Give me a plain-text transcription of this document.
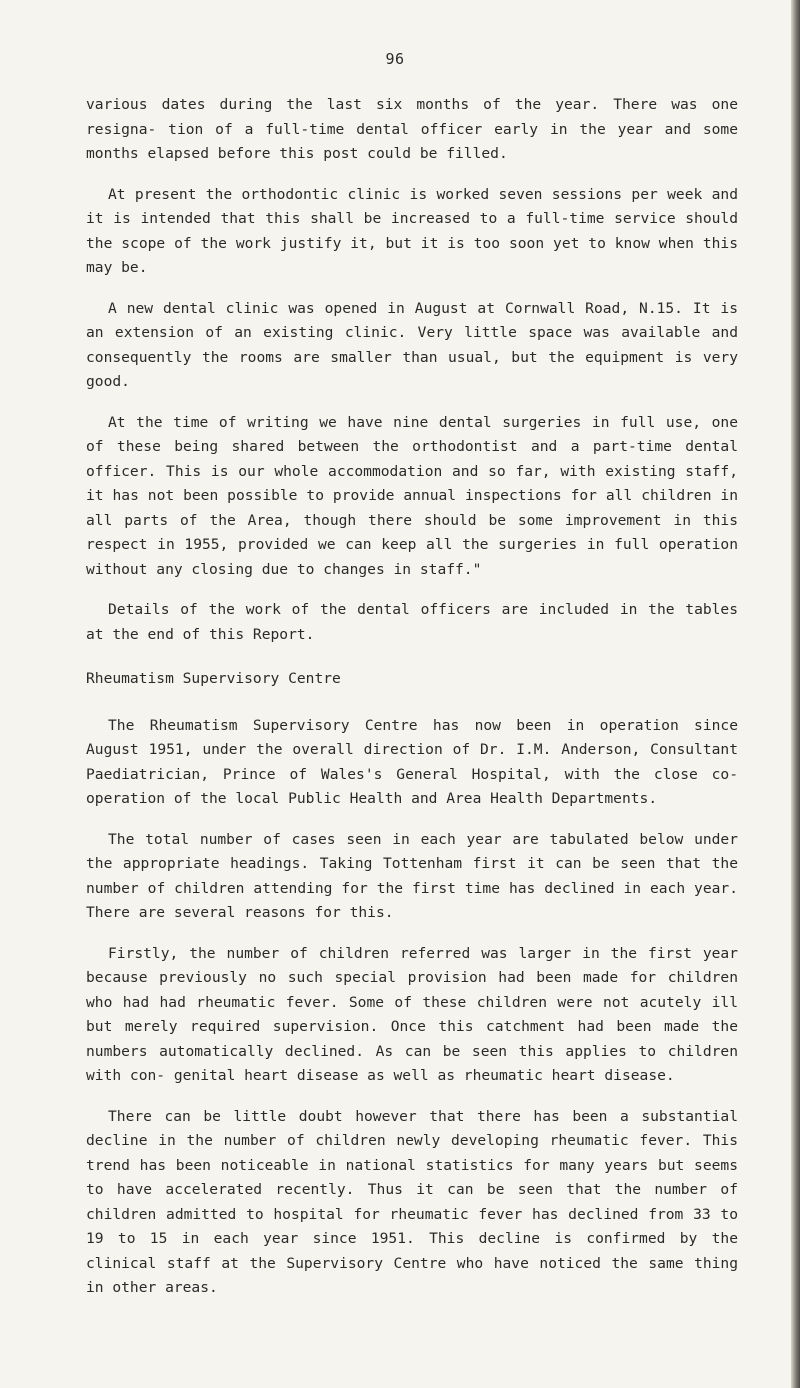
96

various dates during the last six months of the year. There was one resigna- tion of a full-time dental officer early in the year and some months elapsed before this post could be filled.

At present the orthodontic clinic is worked seven sessions per week and it is intended that this shall be increased to a full-time service should the scope of the work justify it, but it is too soon yet to know when this may be.

A new dental clinic was opened in August at Cornwall Road, N.15. It is an extension of an existing clinic. Very little space was available and consequently the rooms are smaller than usual, but the equipment is very good.

At the time of writing we have nine dental surgeries in full use, one of these being shared between the orthodontist and a part-time dental officer. This is our whole accommodation and so far, with existing staff, it has not been possible to provide annual inspections for all children in all parts of the Area, though there should be some improvement in this respect in 1955, provided we can keep all the surgeries in full operation without any closing due to changes in staff."

Details of the work of the dental officers are included in the tables at the end of this Report.

Rheumatism Supervisory Centre

The Rheumatism Supervisory Centre has now been in operation since August 1951, under the overall direction of Dr. I.M. Anderson, Consultant Paediatrician, Prince of Wales's General Hospital, with the close co-operation of the local Public Health and Area Health Departments.

The total number of cases seen in each year are tabulated below under the appropriate headings. Taking Tottenham first it can be seen that the number of children attending for the first time has declined in each year. There are several reasons for this.

Firstly, the number of children referred was larger in the first year because previously no such special provision had been made for children who had had rheumatic fever. Some of these children were not acutely ill but merely required supervision. Once this catchment had been made the numbers automatically declined. As can be seen this applies to children with con- genital heart disease as well as rheumatic heart disease.

There can be little doubt however that there has been a substantial decline in the number of children newly developing rheumatic fever. This trend has been noticeable in national statistics for many years but seems to have accelerated recently. Thus it can be seen that the number of children admitted to hospital for rheumatic fever has declined from 33 to 19 to 15 in each year since 1951. This decline is confirmed by the clinical staff at the Supervisory Centre who have noticed the same thing in other areas.
